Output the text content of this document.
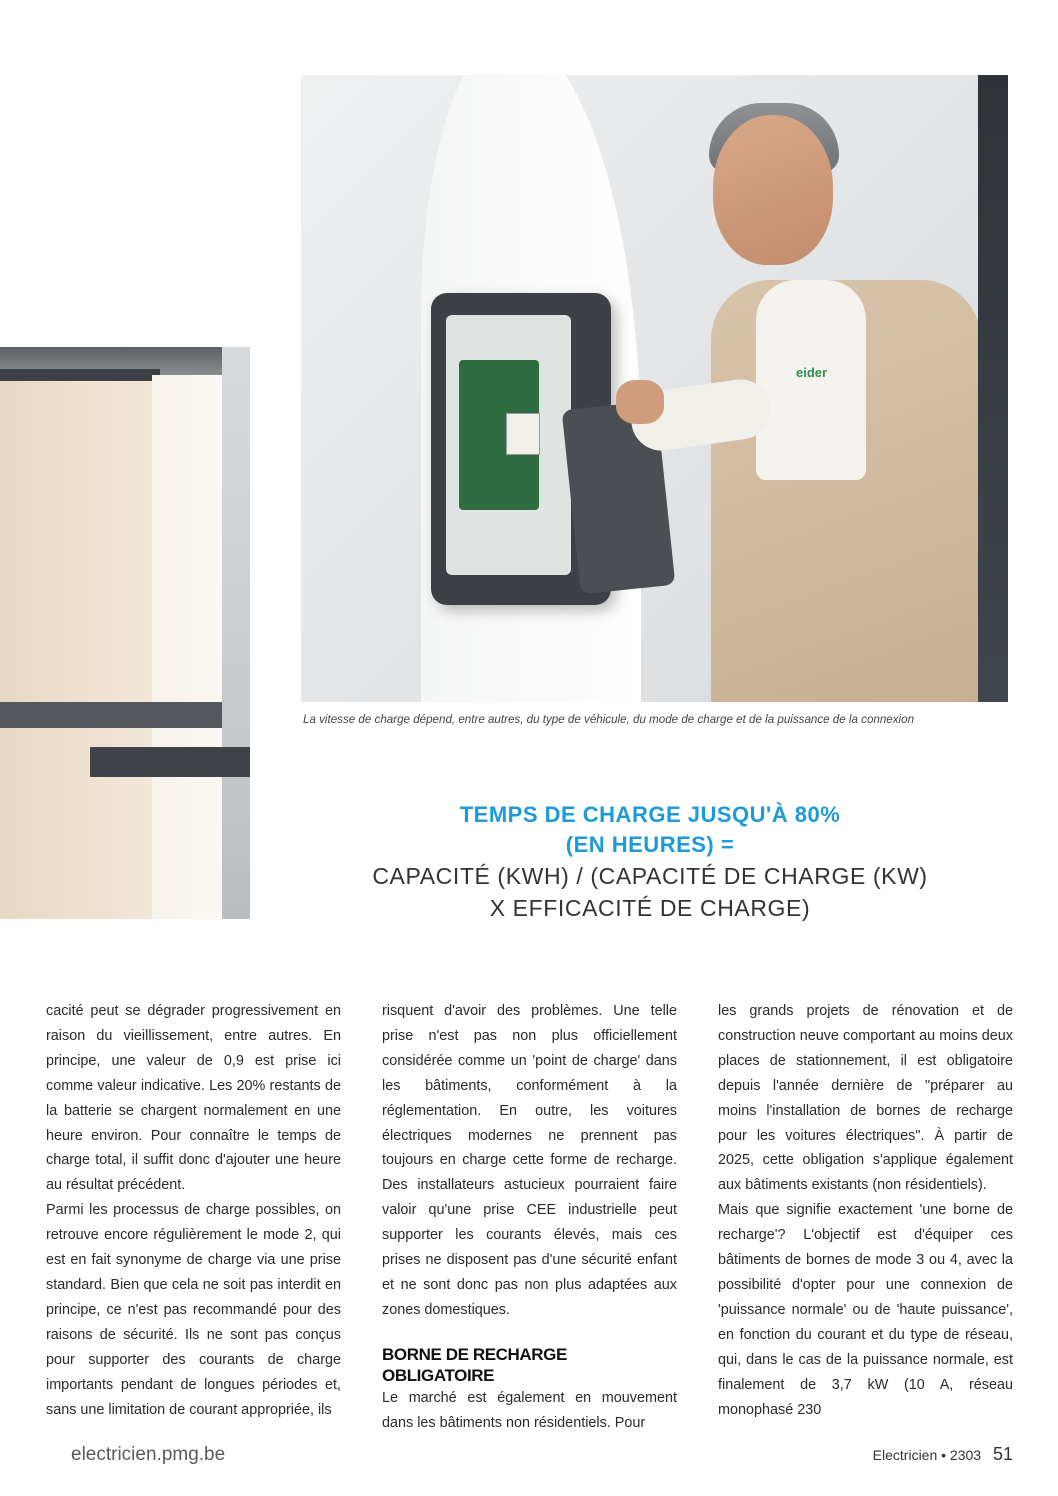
eider
La vitesse de charge dépend, entre autres, du type de véhicule, du mode de charge et de la puissance de la connexion
TEMPS DE CHARGE JUSQU'À 80%
(EN HEURES) =
CAPACITÉ (KWH) / (CAPACITÉ DE CHARGE (KW)
X EFFICACITÉ DE CHARGE)

cacité peut se dégrader progressivement en raison du vieillissement, entre autres. En principe, une valeur de 0,9 est prise ici comme valeur indicative. Les 20% restants de la batterie se chargent normalement en une heure environ. Pour connaître le temps de charge total, il suffit donc d'ajouter une heure au résultat précédent.

Parmi les processus de charge possibles, on retrouve encore régulièrement le mode 2, qui est en fait synonyme de charge via une prise standard. Bien que cela ne soit pas interdit en principe, ce n'est pas recommandé pour des raisons de sécurité. Ils ne sont pas conçus pour supporter des courants de charge importants pendant de longues périodes et, sans une limitation de courant appropriée, ils

risquent d'avoir des problèmes. Une telle prise n'est pas non plus officiellement considérée comme un 'point de charge' dans les bâtiments, conformément à la réglementation. En outre, les voitures électriques modernes ne prennent pas toujours en charge cette forme de recharge. Des installateurs astucieux pourraient faire valoir qu'une prise CEE industrielle peut supporter les courants élevés, mais ces prises ne disposent pas d'une sécurité enfant et ne sont donc pas non plus adaptées aux zones domestiques.

BORNE DE RECHARGE
OBLIGATOIRE

Le marché est également en mouvement dans les bâtiments non résidentiels. Pour

les grands projets de rénovation et de construction neuve comportant au moins deux places de stationnement, il est obligatoire depuis l'année dernière de "préparer au moins l'installation de bornes de recharge pour les voitures électriques". À partir de 2025, cette obligation s'applique également aux bâtiments existants (non résidentiels).

Mais que signifie exactement 'une borne de recharge'? L'objectif est d'équiper ces bâtiments de bornes de mode 3 ou 4, avec la possibilité d'opter pour une connexion de 'puissance normale' ou de 'haute puissance', en fonction du courant et du type de réseau, qui, dans le cas de la puissance normale, est finalement de 3,7 kW (10 A, réseau monophasé 230

electricien.pmg.be	Electricien • 2303 51
